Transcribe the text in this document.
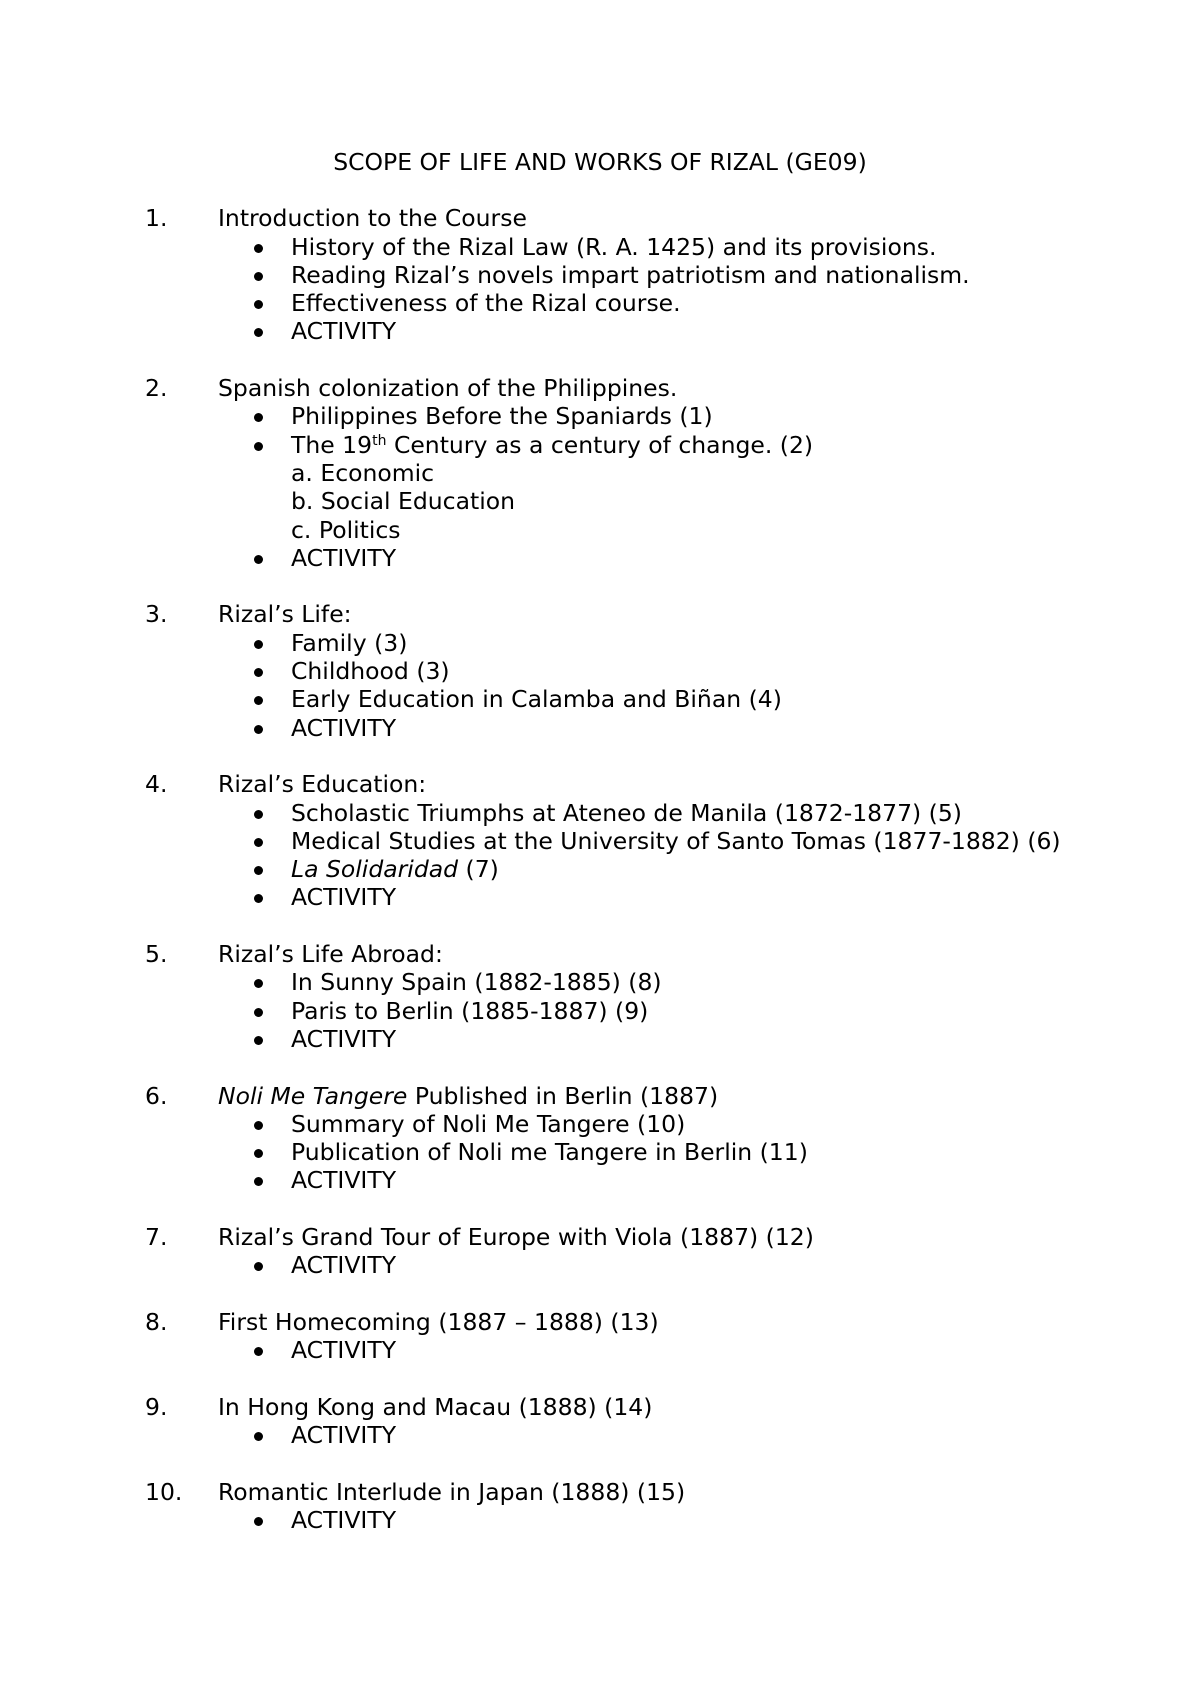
SCOPE OF LIFE AND WORKS OF RIZAL (GE09)
1. Introduction to the Course
History of the Rizal Law (R. A. 1425) and its provisions.
Reading Rizal’s novels impart patriotism and nationalism.
Effectiveness of the Rizal course.
ACTIVITY
2. Spanish colonization of the Philippines.
Philippines Before the Spaniards (1)
The 19th Century as a century of change. (2)
a. Economic
b. Social Education
c. Politics
ACTIVITY
3. Rizal’s Life:
Family (3)
Childhood (3)
Early Education in Calamba and Biñan (4)
ACTIVITY
4. Rizal’s Education:
Scholastic Triumphs at Ateneo de Manila (1872-1877) (5)
Medical Studies at the University of Santo Tomas (1877-1882) (6)
La Solidaridad (7)
ACTIVITY
5. Rizal’s Life Abroad:
In Sunny Spain (1882-1885) (8)
Paris to Berlin (1885-1887) (9)
ACTIVITY
6. Noli Me Tangere Published in Berlin (1887)
Summary of Noli Me Tangere (10)
Publication of Noli me Tangere in Berlin (11)
ACTIVITY
7. Rizal’s Grand Tour of Europe with Viola (1887) (12)
ACTIVITY
8. First Homecoming (1887 – 1888) (13)
ACTIVITY
9. In Hong Kong and Macau (1888) (14)
ACTIVITY
10. Romantic Interlude in Japan (1888) (15)
ACTIVITY
